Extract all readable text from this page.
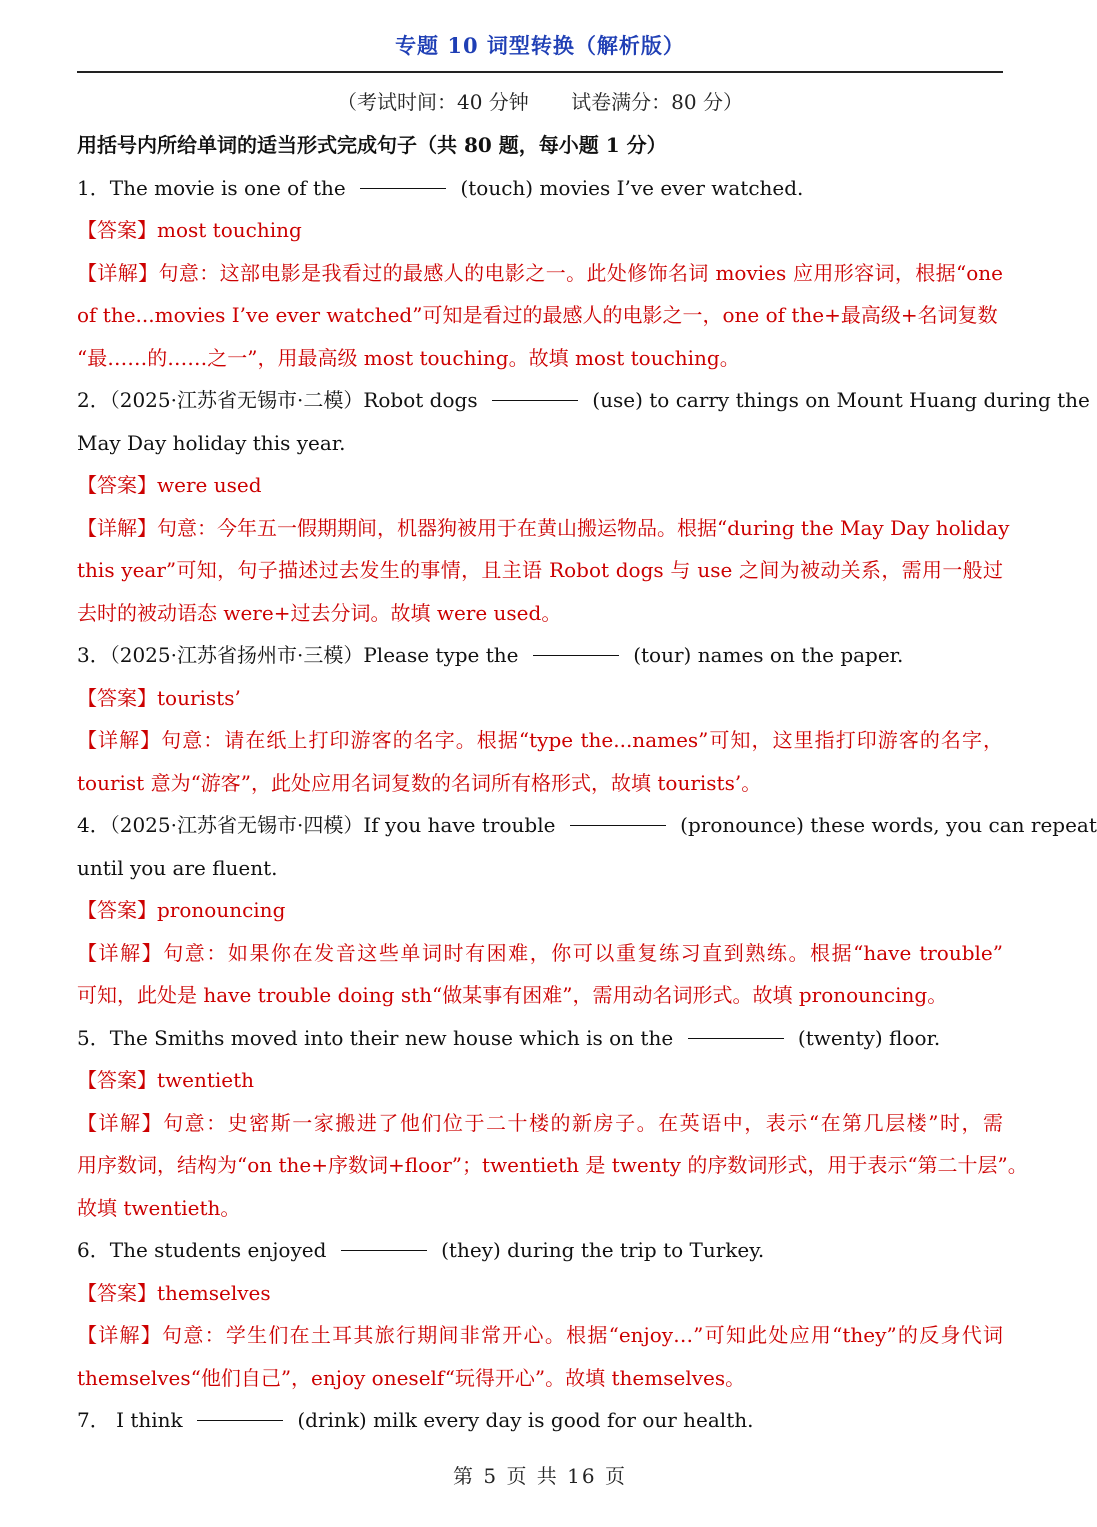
专题 10 词型转换（解析版）
（考试时间：40 分钟 试卷满分：80 分）
用括号内所给单词的适当形式完成句子（共 80 题，每小题 1 分）
1．The movie is one of the	(touch) movies I’ve ever watched.
【答案】most touching
【详解】句意：这部电影是我看过的最感人的电影之一。此处修饰名词 movies 应用形容词，根据“one
of the...movies I’ve ever watched”可知是看过的最感人的电影之一，one of the+最高级+名词复数
“最……的……之一”，用最高级 most touching。故填 most touching。
2．（2025·江苏省无锡市·二模）Robot dogs	(use) to carry things on Mount Huang during the
May Day holiday this year.
【答案】were used
【详解】句意：今年五一假期期间，机器狗被用于在黄山搬运物品。根据“during the May Day holiday
this year”可知，句子描述过去发生的事情，且主语 Robot dogs 与 use 之间为被动关系，需用一般过
去时的被动语态 were+过去分词。故填 were used。
3．（2025·江苏省扬州市·三模）Please type the	(tour) names on the paper.
【答案】tourists’
【详解】句意：请在纸上打印游客的名字。根据“type the...names”可知，这里指打印游客的名字，
tourist 意为“游客”，此处应用名词复数的名词所有格形式，故填 tourists’。
4．（2025·江苏省无锡市·四模）If you have trouble	(pronounce) these words, you can repeat
until you are fluent.
【答案】pronouncing
【详解】句意：如果你在发音这些单词时有困难，你可以重复练习直到熟练。根据“have trouble”
可知，此处是 have trouble doing sth“做某事有困难”，需用动名词形式。故填 pronouncing。
5．The Smiths moved into their new house which is on the	(twenty) floor.
【答案】twentieth
【详解】句意：史密斯一家搬进了他们位于二十楼的新房子。在英语中，表示“在第几层楼”时，需
用序数词，结构为“on the+序数词+floor”；twentieth 是 twenty 的序数词形式，用于表示“第二十层”。
故填 twentieth。
6．The students enjoyed	(they) during the trip to Turkey.
【答案】themselves
【详解】句意：学生们在土耳其旅行期间非常开心。根据“enjoy…”可知此处应用“they”的反身代词
themselves“他们自己”，enjoy oneself“玩得开心”。故填 themselves。
7． I think	(drink) milk every day is good for our health.
第 5 页 共 16 页
